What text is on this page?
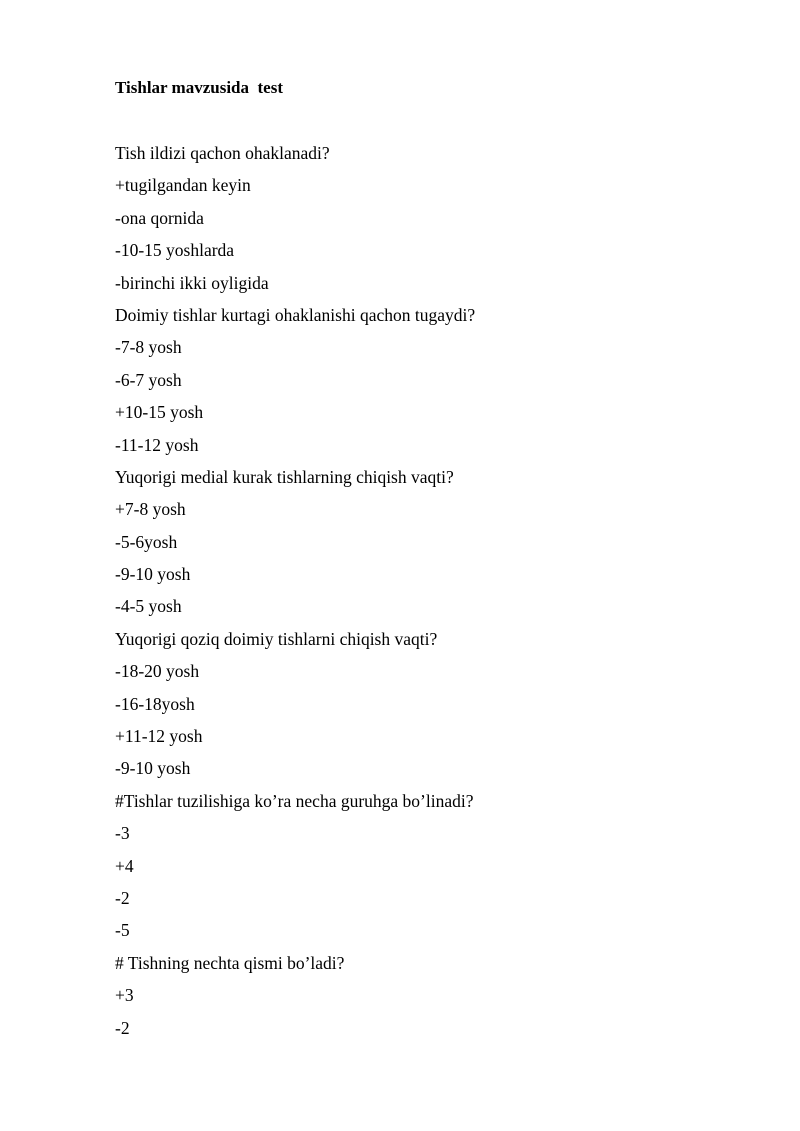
Tishlar mavzusida  test
Tish ildizi qachon ohaklanadi?
+tugilgandan keyin
-ona qornida
-10-15 yoshlarda
-birinchi ikki oyligida
Doimiy tishlar kurtagi ohaklanishi qachon tugaydi?
-7-8 yosh
-6-7 yosh
+10-15 yosh
-11-12 yosh
Yuqorigi medial kurak tishlarning chiqish vaqti?
+7-8 yosh
-5-6yosh
-9-10 yosh
-4-5 yosh
Yuqorigi qoziq doimiy tishlarni chiqish vaqti?
-18-20 yosh
-16-18yosh
+11-12 yosh
-9-10 yosh
#Tishlar tuzilishiga ko’ra necha guruhga bo’linadi?
-3
+4
-2
-5
# Tishning nechta qismi bo’ladi?
+3
-2
